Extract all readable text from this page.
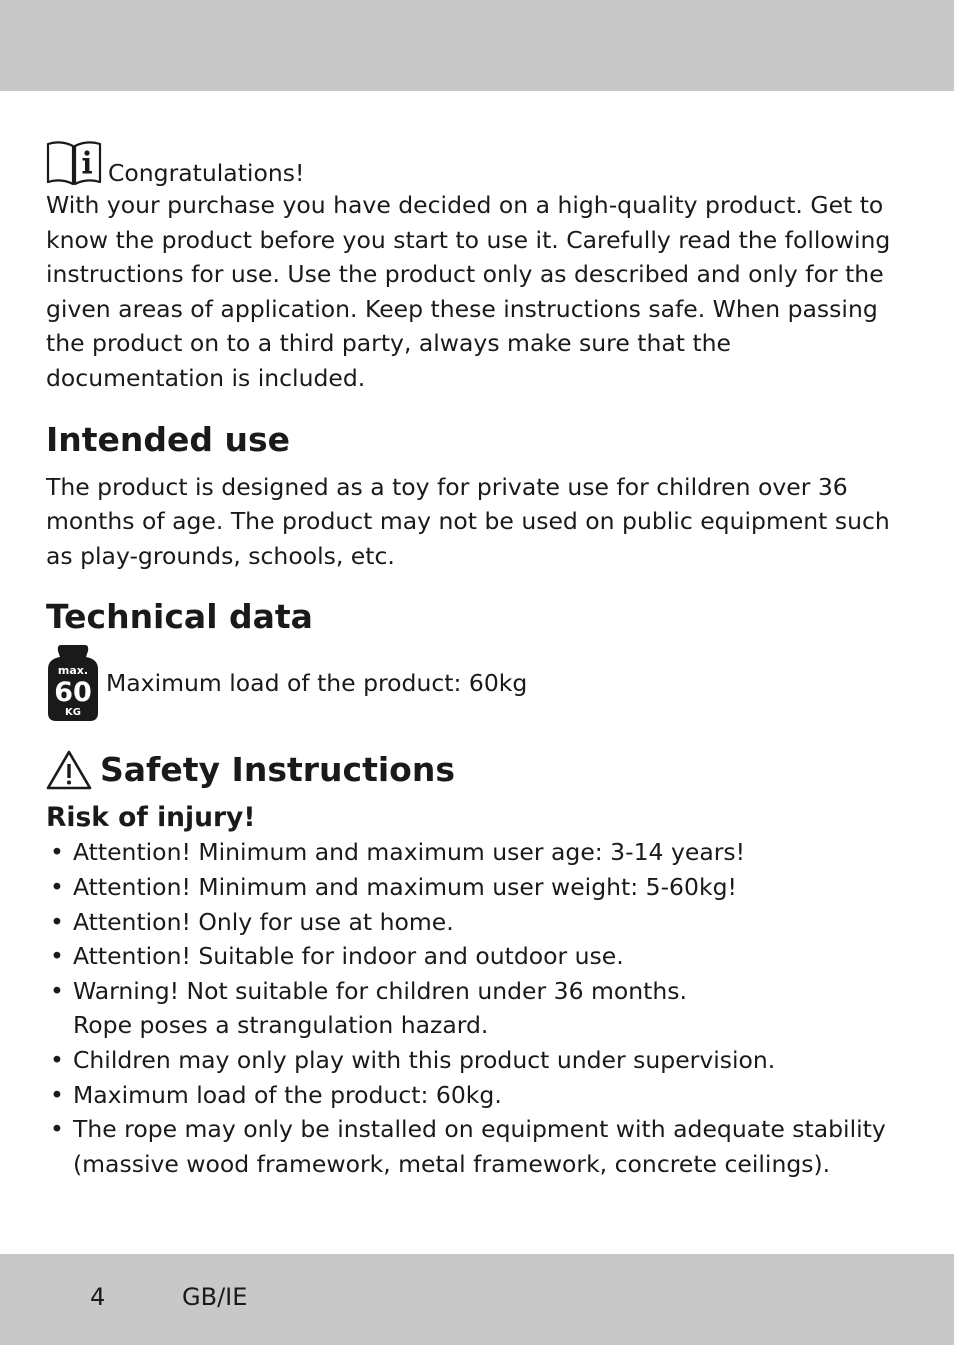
Congratulations!

With your purchase you have decided on a high-quality product. Get to know the product before you start to use it. Carefully read the following instructions for use. Use the product only as described and only for the given areas of application. Keep these instructions safe. When passing the product on to a third party, always make sure that the documentation is included.

Intended use

The product is designed as a toy for private use for children over 36 months of age. The product may not be used on public equipment such as play-grounds, schools, etc.

Technical data
max.
60
KG
Maximum load of the product: 60kg
Safety Instructions
Risk of injury!
• Attention! Minimum and maximum user age: 3-14 years!
• Attention! Minimum and maximum user weight: 5-60kg!
• Attention! Only for use at home.
• Attention! Suitable for indoor and outdoor use.
• Warning! Not suitable for children under 36 months.
Rope poses a strangulation hazard.
• Children may only play with this product under supervision.
• Maximum load of the product: 60kg.
• The rope may only be installed on equipment with adequate stability
(massive wood framework, metal framework, concrete ceilings).
4	GB/IE
